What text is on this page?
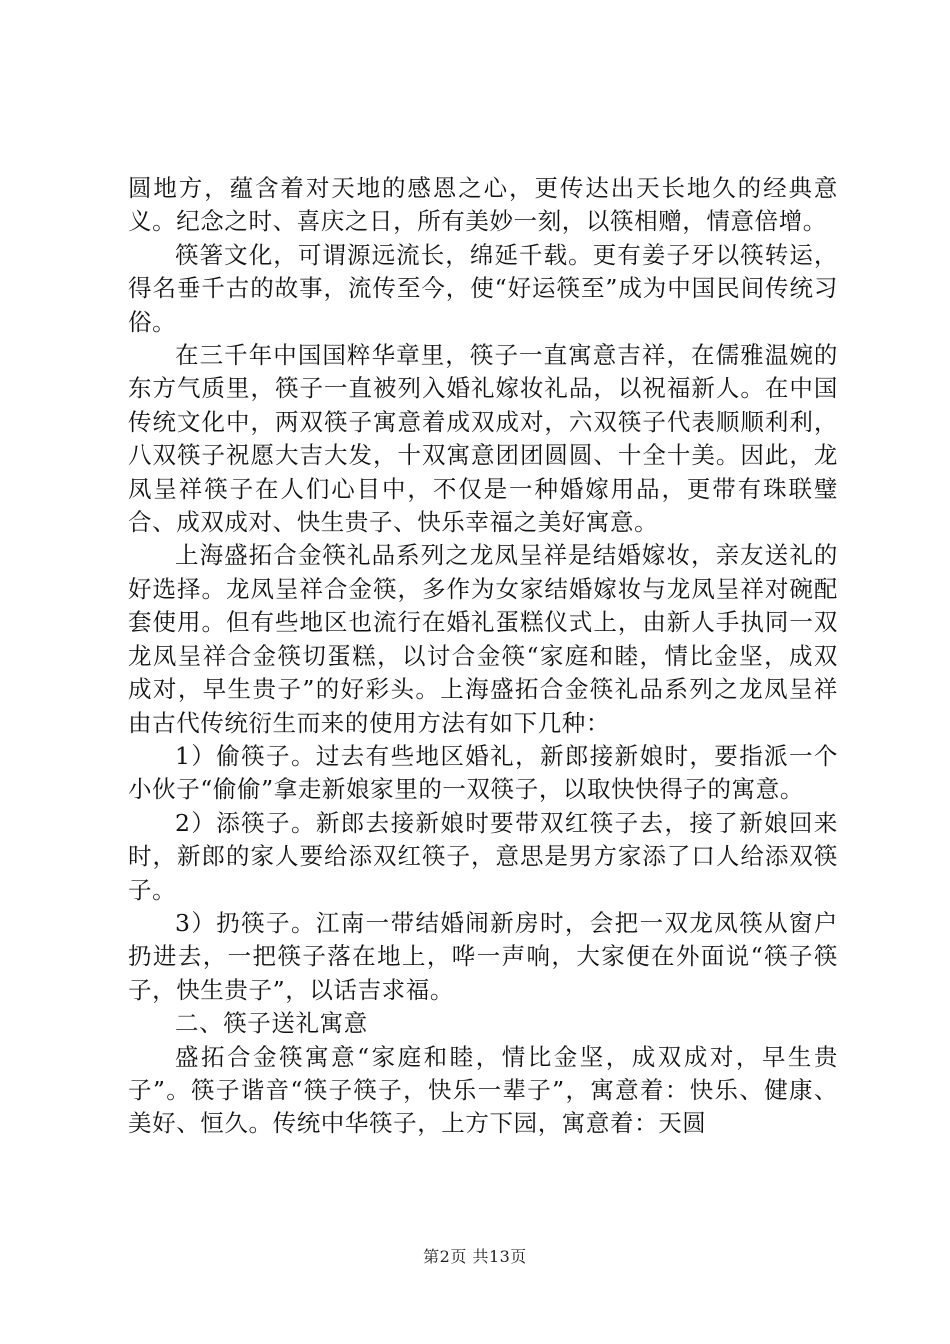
圆地方，蕴含着对天地的感恩之心，更传达出天长地久的经典意义。纪念之时、喜庆之日，所有美妙一刻，以筷相赠，情意倍增。

筷箸文化，可谓源远流长，绵延千载。更有姜子牙以筷转运，得名垂千古的故事，流传至今，使“好运筷至”成为中国民间传统习俗。

在三千年中国国粹华章里，筷子一直寓意吉祥，在儒雅温婉的东方气质里，筷子一直被列入婚礼嫁妆礼品，以祝福新人。在中国传统文化中，两双筷子寓意着成双成对，六双筷子代表顺顺利利，八双筷子祝愿大吉大发，十双寓意团团圆圆、十全十美。因此，龙凤呈祥筷子在人们心目中，不仅是一种婚嫁用品，更带有珠联璧合、成双成对、快生贵子、快乐幸福之美好寓意。

上海盛拓合金筷礼品系列之龙凤呈祥是结婚嫁妆，亲友送礼的好选择。龙凤呈祥合金筷，多作为女家结婚嫁妆与龙凤呈祥对碗配套使用。但有些地区也流行在婚礼蛋糕仪式上，由新人手执同一双龙凤呈祥合金筷切蛋糕，以讨合金筷“家庭和睦，情比金坚，成双成对，早生贵子”的好彩头。上海盛拓合金筷礼品系列之龙凤呈祥由古代传统衍生而来的使用方法有如下几种：

1）偷筷子。过去有些地区婚礼，新郎接新娘时，要指派一个小伙子“偷偷”拿走新娘家里的一双筷子，以取快快得子的寓意。

2）添筷子。新郎去接新娘时要带双红筷子去，接了新娘回来时，新郎的家人要给添双红筷子，意思是男方家添了口人给添双筷子。

3）扔筷子。江南一带结婚闹新房时，会把一双龙凤筷从窗户扔进去，一把筷子落在地上，哗一声响，大家便在外面说“筷子筷子，快生贵子”，以话吉求福。

二、筷子送礼寓意

盛拓合金筷寓意“家庭和睦，情比金坚，成双成对，早生贵子”。筷子谐音“筷子筷子，快乐一辈子”，寓意着：快乐、健康、美好、恒久。传统中华筷子，上方下园，寓意着：天圆

第2页 共13页
